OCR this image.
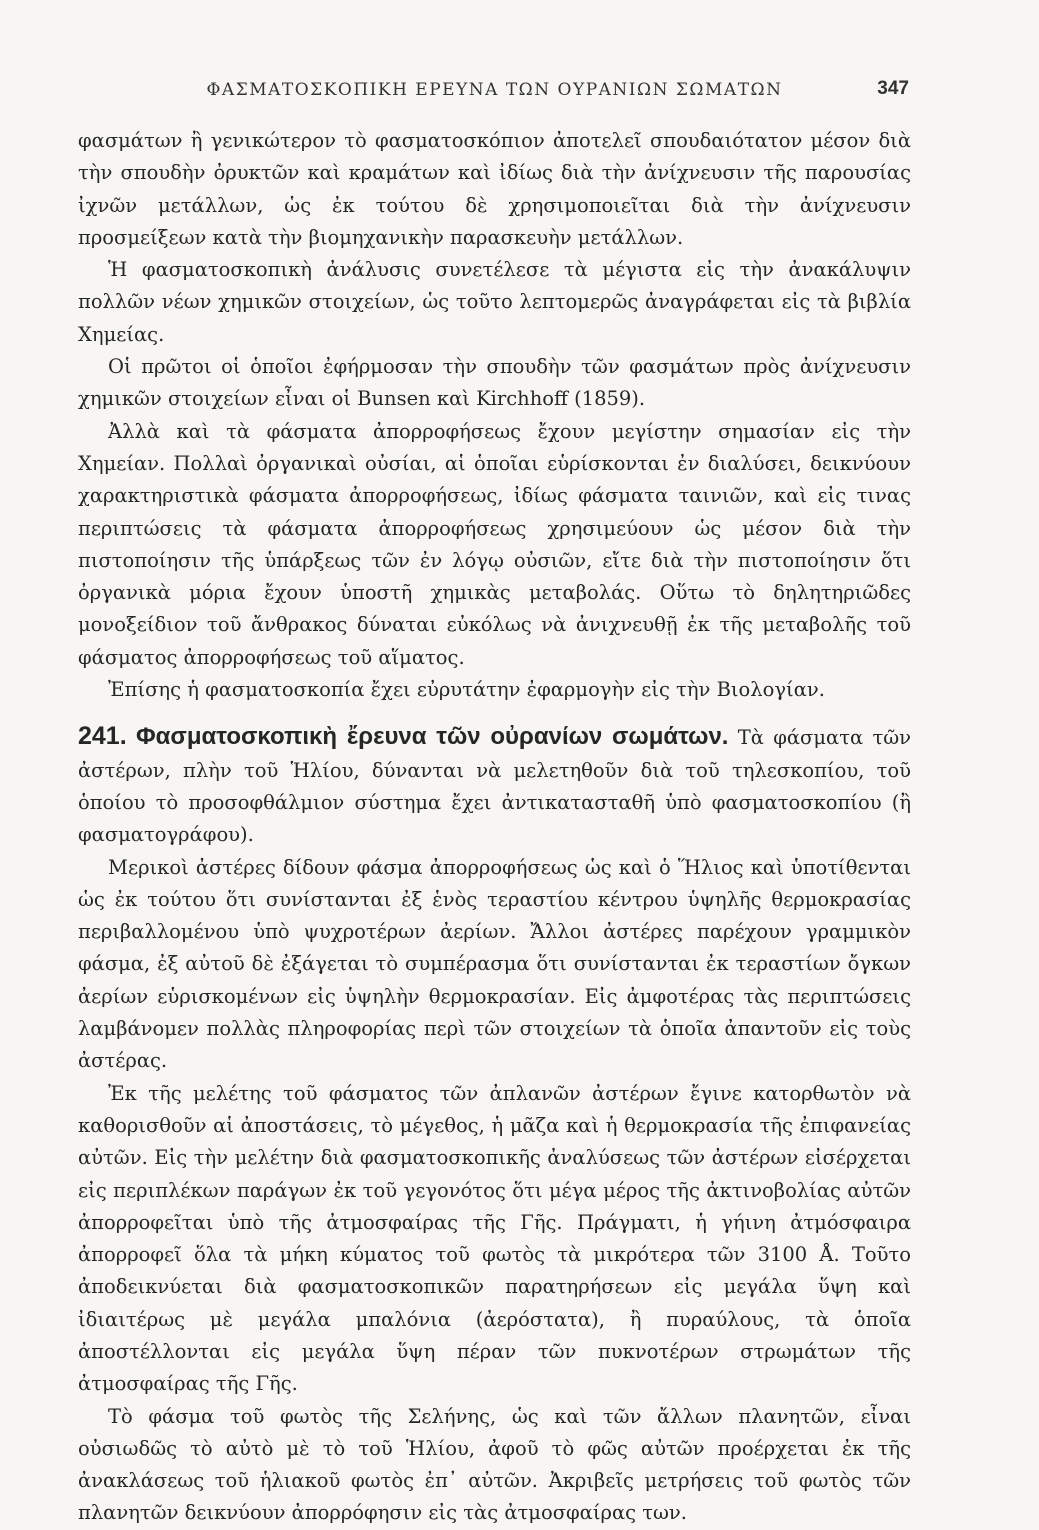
ΦΑΣΜΑΤΟΣΚΟΠΙΚΗ ΕΡΕΥΝΑ ΤΩΝ ΟΥΡΑΝΙΩΝ ΣΩΜΑΤΩΝ	347

φασμάτων ἢ γενικώτερον τὸ φασματοσκόπιον ἀποτελεῖ σπουδαιότατον μέσον διὰ τὴν σπουδὴν ὀρυκτῶν καὶ κραμάτων καὶ ἰδίως διὰ τὴν ἀνίχνευσιν τῆς παρουσίας ἰχνῶν μετάλλων, ὡς ἐκ τούτου δὲ χρησιμοποιεῖται διὰ τὴν ἀνίχνευσιν προσμείξεων κατὰ τὴν βιομηχανικὴν παρασκευὴν μετάλλων.

Ἡ φασματοσκοπικὴ ἀνάλυσις συνετέλεσε τὰ μέγιστα εἰς τὴν ἀνακάλυψιν πολλῶν νέων χημικῶν στοιχείων, ὡς τοῦτο λεπτομερῶς ἀναγράφεται εἰς τὰ βιβλία Χημείας.

Οἱ πρῶτοι οἱ ὁποῖοι ἐφήρμοσαν τὴν σπουδὴν τῶν φασμάτων πρὸς ἀνίχνευσιν χημικῶν στοιχείων εἶναι οἱ Bunsen καὶ Kirchhoff (1859).

Ἀλλὰ καὶ τὰ φάσματα ἀπορροφήσεως ἔχουν μεγίστην σημασίαν εἰς τὴν Χημείαν. Πολλαὶ ὀργανικαὶ οὐσίαι, αἱ ὁποῖαι εὑρίσκονται ἐν διαλύσει, δεικνύουν χαρακτηριστικὰ φάσματα ἀπορροφήσεως, ἰδίως φάσματα ταινιῶν, καὶ εἰς τινας περιπτώσεις τὰ φάσματα ἀπορροφήσεως χρησιμεύουν ὡς μέσον διὰ τὴν πιστοποίησιν τῆς ὑπάρξεως τῶν ἐν λόγῳ οὐσιῶν, εἴτε διὰ τὴν πιστοποίησιν ὅτι ὀργανικὰ μόρια ἔχουν ὑποστῆ χημικὰς μεταβολάς. Οὕτω τὸ δηλητηριῶδες μονοξείδιον τοῦ ἄνθρακος δύναται εὐκόλως νὰ ἀνιχνευθῇ ἐκ τῆς μεταβολῆς τοῦ φάσματος ἀπορροφήσεως τοῦ αἵματος.

Ἐπίσης ἡ φασματοσκοπία ἔχει εὐρυτάτην ἐφαρμογὴν εἰς τὴν Βιολογίαν.

241. Φασματοσκοπικὴ ἔρευνα τῶν οὐρανίων σωμάτων. Τὰ φάσματα τῶν ἀστέρων, πλὴν τοῦ Ἡλίου, δύνανται νὰ μελετηθοῦν διὰ τοῦ τηλεσκοπίου, τοῦ ὁποίου τὸ προσοφθάλμιον σύστημα ἔχει ἀντικατασταθῆ ὑπὸ φασματοσκοπίου (ἢ φασματογράφου).

Μερικοὶ ἀστέρες δίδουν φάσμα ἀπορροφήσεως ὡς καὶ ὁ Ἥλιος καὶ ὑποτίθενται ὡς ἐκ τούτου ὅτι συνίστανται ἐξ ἑνὸς τεραστίου κέντρου ὑψηλῆς θερμοκρασίας περιβαλλομένου ὑπὸ ψυχροτέρων ἀερίων. Ἄλλοι ἀστέρες παρέχουν γραμμικὸν φάσμα, ἐξ αὐτοῦ δὲ ἐξάγεται τὸ συμπέρασμα ὅτι συνίστανται ἐκ τεραστίων ὄγκων ἀερίων εὑρισκομένων εἰς ὑψηλὴν θερμοκρασίαν. Εἰς ἀμφοτέρας τὰς περιπτώσεις λαμβάνομεν πολλὰς πληροφορίας περὶ τῶν στοιχείων τὰ ὁποῖα ἀπαντοῦν εἰς τοὺς ἀστέρας.

Ἐκ τῆς μελέτης τοῦ φάσματος τῶν ἀπλανῶν ἀστέρων ἔγινε κατορθωτὸν νὰ καθορισθοῦν αἱ ἀποστάσεις, τὸ μέγεθος, ἡ μᾶζα καὶ ἡ θερμοκρασία τῆς ἐπιφανείας αὐτῶν. Εἰς τὴν μελέτην διὰ φασματοσκοπικῆς ἀναλύσεως τῶν ἀστέρων εἰσέρχεται εἰς περιπλέκων παράγων ἐκ τοῦ γεγονότος ὅτι μέγα μέρος τῆς ἀκτινοβολίας αὐτῶν ἀπορροφεῖται ὑπὸ τῆς ἀτμοσφαίρας τῆς Γῆς. Πράγματι, ἡ γήινη ἀτμόσφαιρα ἀπορροφεῖ ὅλα τὰ μήκη κύματος τοῦ φωτὸς τὰ μικρότερα τῶν 3100 Å. Τοῦτο ἀποδεικνύεται διὰ φασματοσκοπικῶν παρατηρήσεων εἰς μεγάλα ὕψη καὶ ἰδιαιτέρως μὲ μεγάλα μπαλόνια (ἀερόστατα), ἢ πυραύλους, τὰ ὁποῖα ἀποστέλλονται εἰς μεγάλα ὕψη πέραν τῶν πυκνοτέρων στρωμάτων τῆς ἀτμοσφαίρας τῆς Γῆς.

Τὸ φάσμα τοῦ φωτὸς τῆς Σελήνης, ὡς καὶ τῶν ἄλλων πλανητῶν, εἶναι οὐσιωδῶς τὸ αὐτὸ μὲ τὸ τοῦ Ἡλίου, ἀφοῦ τὸ φῶς αὐτῶν προέρχεται ἐκ τῆς ἀνακλάσεως τοῦ ἡλιακοῦ φωτὸς ἐπ᾿ αὐτῶν. Ἀκριβεῖς μετρήσεις τοῦ φωτὸς τῶν πλανητῶν δεικνύουν ἀπορρόφησιν εἰς τὰς ἀτμοσφαίρας των.
